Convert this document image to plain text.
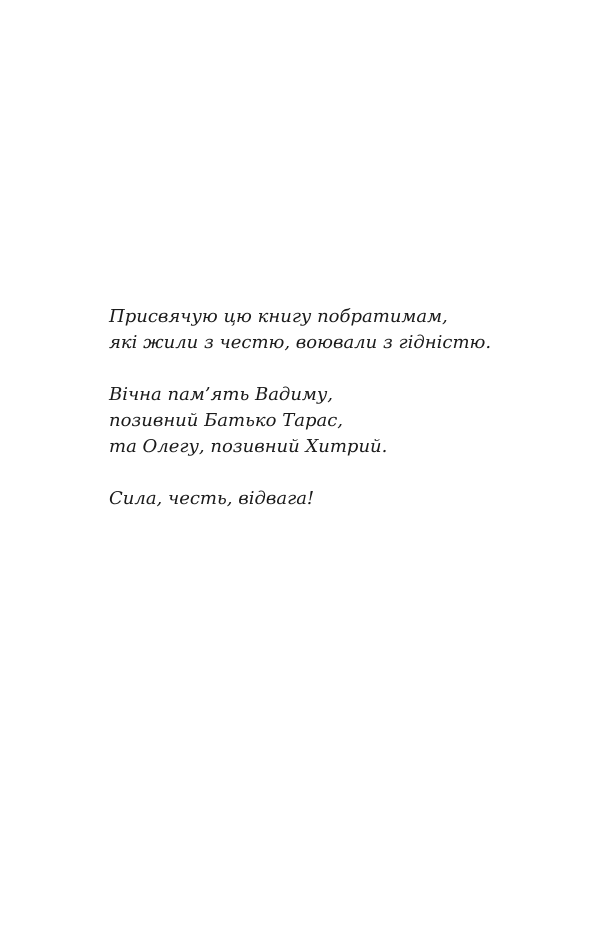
Присвячую цю книгу побратимам,
які жили з честю, воювали з гідністю.
Вічна пам’ять Вадиму,
позивний Батько Тарас,
та Олегу, позивний Хитрий.
Сила, честь, відвага!
